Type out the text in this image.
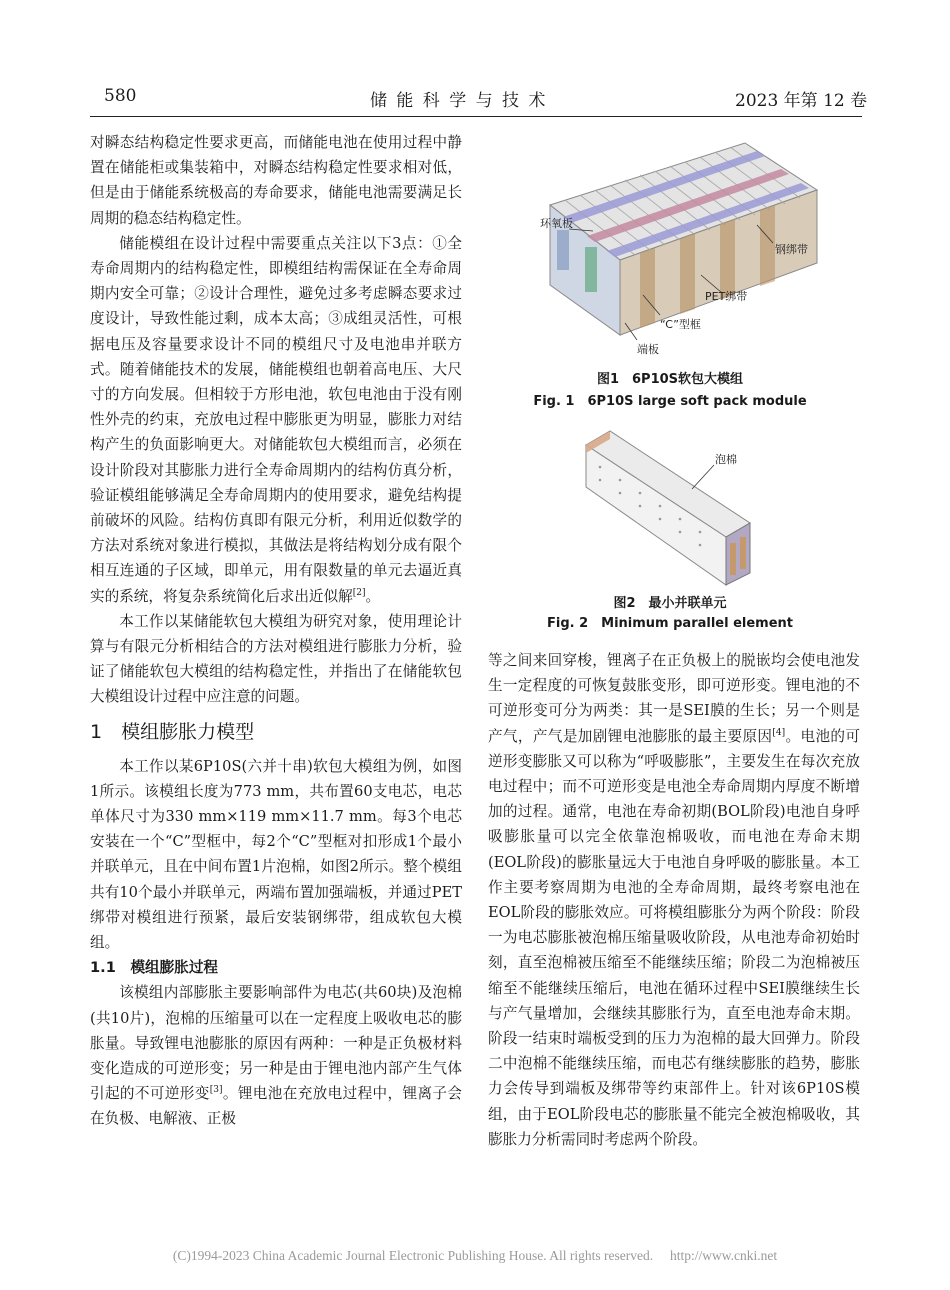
580	储 能 科 学 与 技 术	2023 年第 12 卷

对瞬态结构稳定性要求更高，而储能电池在使用过程中静置在储能柜或集装箱中，对瞬态结构稳定性要求相对低，但是由于储能系统极高的寿命要求，储能电池需要满足长周期的稳态结构稳定性。

储能模组在设计过程中需要重点关注以下3点：①全寿命周期内的结构稳定性，即模组结构需保证在全寿命周期内安全可靠；②设计合理性，避免过多考虑瞬态要求过度设计，导致性能过剩，成本太高；③成组灵活性，可根据电压及容量要求设计不同的模组尺寸及电池串并联方式。随着储能技术的发展，储能模组也朝着高电压、大尺寸的方向发展。但相较于方形电池，软包电池由于没有刚性外壳的约束，充放电过程中膨胀更为明显，膨胀力对结构产生的负面影响更大。对储能软包大模组而言，必须在设计阶段对其膨胀力进行全寿命周期内的结构仿真分析，验证模组能够满足全寿命周期内的使用要求，避免结构提前破坏的风险。结构仿真即有限元分析，利用近似数学的方法对系统对象进行模拟，其做法是将结构划分成有限个相互连通的子区域，即单元，用有限数量的单元去逼近真实的系统，将复杂系统简化后求出近似解[2]。

本工作以某储能软包大模组为研究对象，使用理论计算与有限元分析相结合的方法对模组进行膨胀力分析，验证了储能软包大模组的结构稳定性，并指出了在储能软包大模组设计过程中应注意的问题。

1　模组膨胀力模型

本工作以某6P10S(六并十串)软包大模组为例，如图1所示。该模组长度为773 mm，共布置60支电芯，电芯单体尺寸为330 mm×119 mm×11.7 mm。每3个电芯安装在一个“C”型框中，每2个“C”型框对扣形成1个最小并联单元，且在中间布置1片泡棉，如图2所示。整个模组共有10个最小并联单元，两端布置加强端板，并通过PET绑带对模组进行预紧，最后安装钢绑带，组成软包大模组。

1.1　模组膨胀过程

该模组内部膨胀主要影响部件为电芯(共60块)及泡棉(共10片)，泡棉的压缩量可以在一定程度上吸收电芯的膨胀量。导致锂电池膨胀的原因有两种：一种是正负极材料变化造成的可逆形变；另一种是由于锂电池内部产生气体引起的不可逆形变[3]。锂电池在充放电过程中，锂离子会在负极、电解液、正极

环氧板
钢绑带
PET绑带
“C”型框
端板
图1　6P10S软包大模组
Fig. 1　6P10S large soft pack module
泡棉
图2　最小并联单元
Fig. 2　Minimum parallel element

等之间来回穿梭，锂离子在正负极上的脱嵌均会使电池发生一定程度的可恢复鼓胀变形，即可逆形变。锂电池的不可逆形变可分为两类：其一是SEI膜的生长；另一个则是产气，产气是加剧锂电池膨胀的最主要原因[4]。电池的可逆形变膨胀又可以称为“呼吸膨胀”，主要发生在每次充放电过程中；而不可逆形变是电池全寿命周期内厚度不断增加的过程。通常，电池在寿命初期(BOL阶段)电池自身呼吸膨胀量可以完全依靠泡棉吸收，而电池在寿命末期(EOL阶段)的膨胀量远大于电池自身呼吸的膨胀量。本工作主要考察周期为电池的全寿命周期，最终考察电池在EOL阶段的膨胀效应。可将模组膨胀分为两个阶段：阶段一为电芯膨胀被泡棉压缩量吸收阶段，从电池寿命初始时刻，直至泡棉被压缩至不能继续压缩；阶段二为泡棉被压缩至不能继续压缩后，电池在循环过程中SEI膜继续生长与产气量增加，会继续其膨胀行为，直至电池寿命末期。阶段一结束时端板受到的压力为泡棉的最大回弹力。阶段二中泡棉不能继续压缩，而电芯有继续膨胀的趋势，膨胀力会传导到端板及绑带等约束部件上。针对该6P10S模组，由于EOL阶段电芯的膨胀量不能完全被泡棉吸收，其膨胀力分析需同时考虑两个阶段。

(C)1994-2023 China Academic Journal Electronic Publishing House. All rights reserved.　 http://www.cnki.net
